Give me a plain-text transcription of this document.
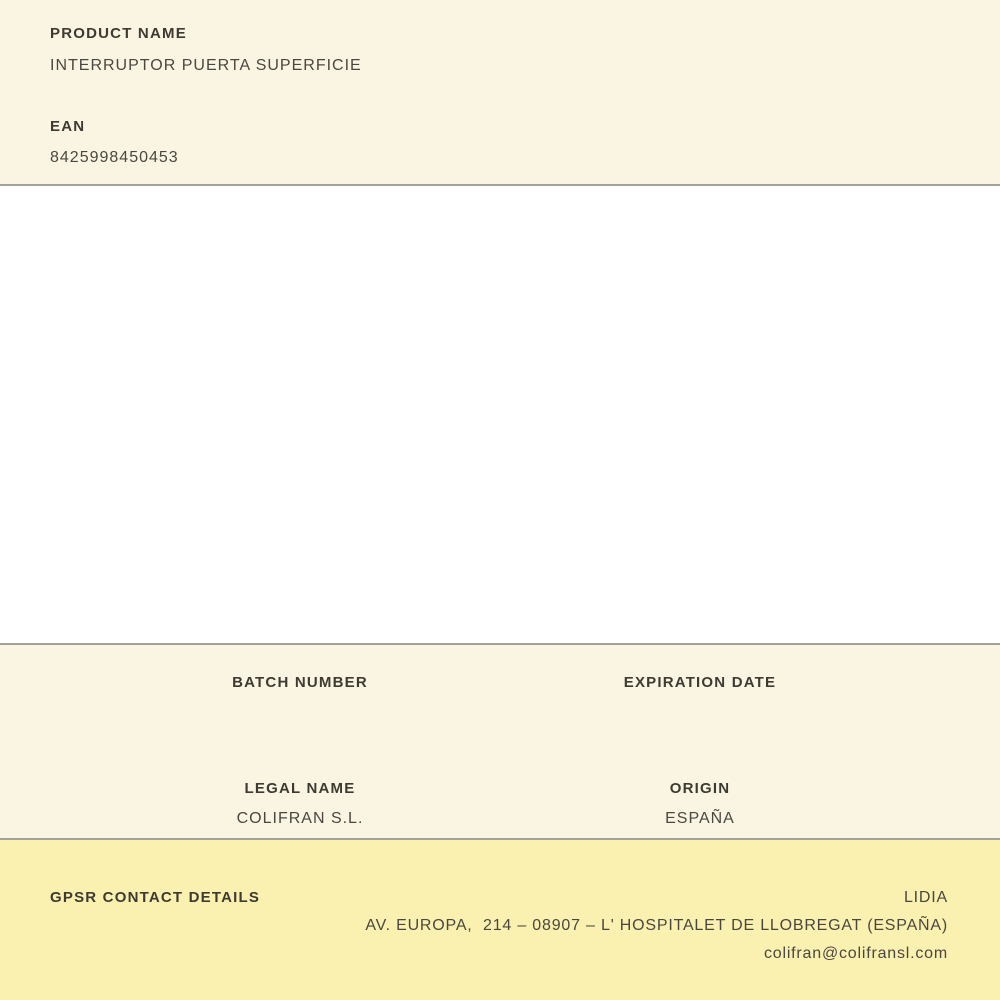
PRODUCT NAME
INTERRUPTOR PUERTA SUPERFICIE
EAN
8425998450453
BATCH NUMBER	EXPIRATION DATE
LEGAL NAME
COLIFRAN S.L.
ORIGIN
ESPAÑA
GPSR CONTACT DETAILS	LIDIA
AV. EUROPA,  214 – 08907 – L' HOSPITALET DE LLOBREGAT (ESPAÑA)
colifran@colifransl.com
